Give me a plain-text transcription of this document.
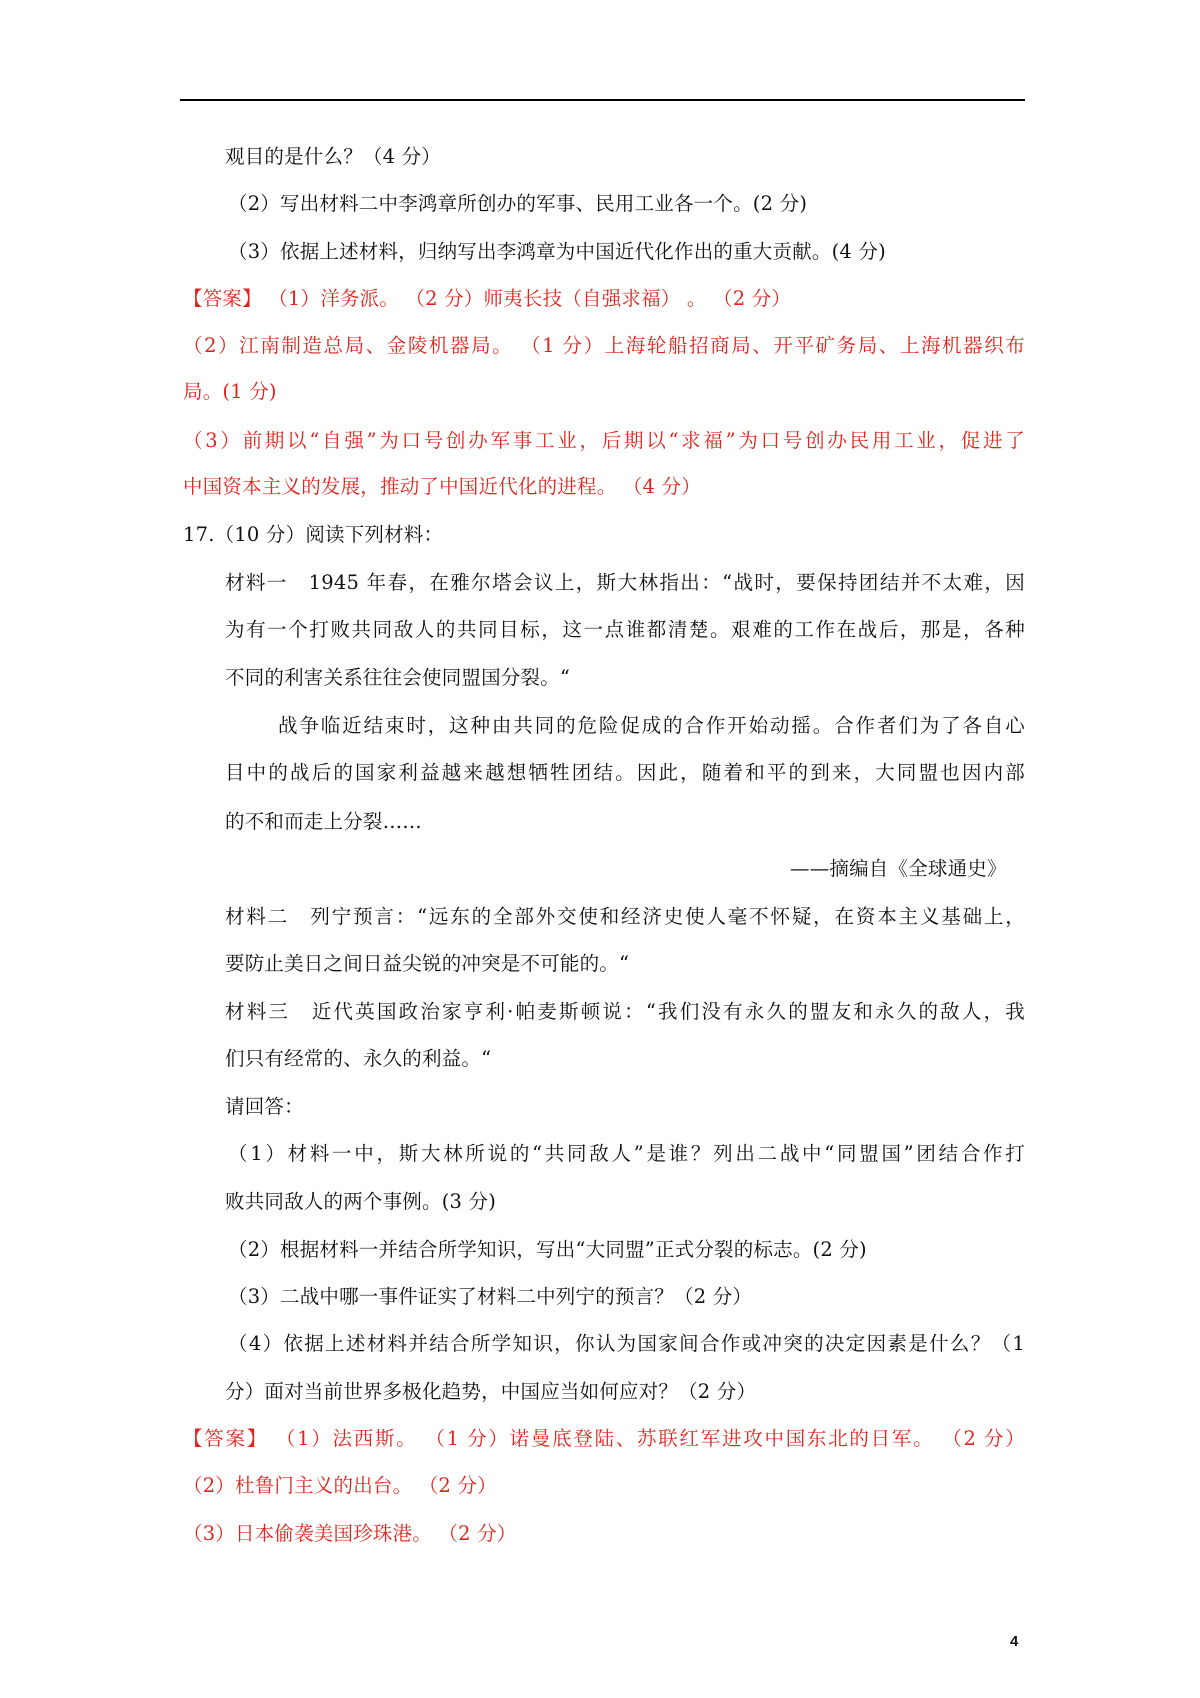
观目的是什么？（4 分）
（2）写出材料二中李鸿章所创办的军事、民用工业各一个。(2 分)
（3）依据上述材料，归纳写出李鸿章为中国近代化作出的重大贡献。(4 分)
【答案】 （1）洋务派。 （2 分）师夷长技（自强求福） 。 （2 分）
（2）江南制造总局、金陵机器局。 （1 分）上海轮船招商局、开平矿务局、上海机器织布
局。(1 分)
（3）前期以“自强”为口号创办军事工业，后期以“求福”为口号创办民用工业，促进了
中国资本主义的发展，推动了中国近代化的进程。 （4 分）
17.（10 分）阅读下列材料：
材料一　1945 年春，在雅尔塔会议上，斯大林指出：“战时，要保持团结并不太难，因
为有一个打败共同敌人的共同目标，这一点谁都清楚。艰难的工作在战后，那是，各种
不同的利害关系往往会使同盟国分裂。“
战争临近结束时，这种由共同的危险促成的合作开始动摇。合作者们为了各自心
目中的战后的国家利益越来越想牺牲团结。因此，随着和平的到来，大同盟也因内部
的不和而走上分裂……
——摘编自《全球通史》
材料二　列宁预言：“远东的全部外交使和经济史使人毫不怀疑，在资本主义基础上，
要防止美日之间日益尖锐的冲突是不可能的。“
材料三　近代英国政治家亨利·帕麦斯顿说：“我们没有永久的盟友和永久的敌人，我
们只有经常的、永久的利益。“
请回答：
（1）材料一中，斯大林所说的“共同敌人”是谁？列出二战中“同盟国”团结合作打
败共同敌人的两个事例。(3 分)
（2）根据材料一并结合所学知识，写出“大同盟”正式分裂的标志。(2 分)
（3）二战中哪一事件证实了材料二中列宁的预言？（2 分）
（4）依据上述材料并结合所学知识，你认为国家间合作或冲突的决定因素是什么？（1
分）面对当前世界多极化趋势，中国应当如何应对？（2 分）
【答案】 （1）法西斯。 （1 分）诺曼底登陆、苏联红军进攻中国东北的日军。 （2 分）
（2）杜鲁门主义的出台。 （2 分）
（3）日本偷袭美国珍珠港。 （2 分）
4
